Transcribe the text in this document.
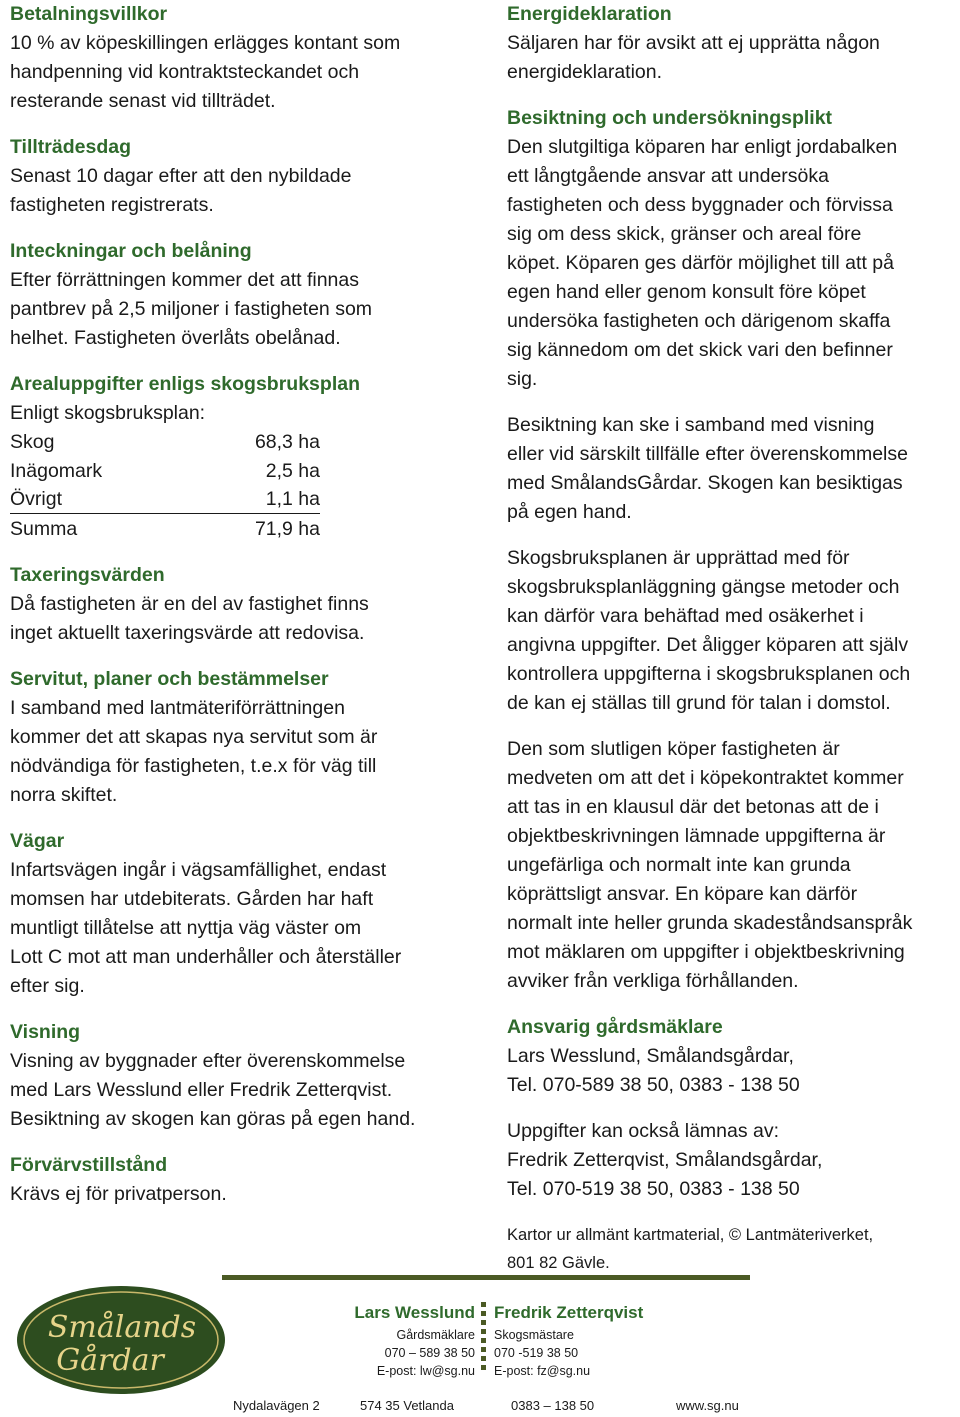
Betalningsvillkor
10 % av köpeskillingen erlägges kontant som
handpenning vid kontraktsteckandet och
resterande senast vid tillträdet.
Tillträdesdag
Senast 10 dagar efter att den nybildade
fastigheten registrerats.
Inteckningar och belåning
Efter förrättningen kommer det att finnas
pantbrev på 2,5 miljoner i fastigheten som
helhet. Fastigheten överlåts obelånad.
Arealuppgifter enligs skogsbruksplan
Enligt skogsbruksplan:
Skog	68,3 ha
Inägomark	2,5 ha
Övrigt	1,1 ha
Summa	71,9 ha
Taxeringsvärden
Då fastigheten är en del av fastighet finns
inget aktuellt taxeringsvärde att redovisa.
Servitut, planer och bestämmelser
I samband med lantmäteriförrättningen
kommer det att skapas nya servitut som är
nödvändiga för fastigheten, t.e.x för väg till
norra skiftet.
Vägar
Infartsvägen ingår i vägsamfällighet, endast
momsen har utdebiterats. Gården har haft
muntligt tillåtelse att nyttja väg väster om
Lott C mot att man underhåller och återställer
efter sig.
Visning
Visning av byggnader efter överenskommelse
med Lars Wesslund eller Fredrik Zetterqvist.
Besiktning av skogen kan göras på egen hand.
Förvärvstillstånd
Krävs ej för privatperson.
Energideklaration
Säljaren har för avsikt att ej upprätta någon
energideklaration.
Besiktning och undersökningsplikt
Den slutgiltiga köparen har enligt jordabalken
ett långtgående ansvar att undersöka
fastigheten och dess byggnader och förvissa
sig om dess skick, gränser och areal före
köpet. Köparen ges därför möjlighet till att på
egen hand eller genom konsult före köpet
undersöka fastigheten och därigenom skaffa
sig kännedom om det skick vari den befinner
sig.
Besiktning kan ske i samband med visning
eller vid särskilt tillfälle efter överenskommelse
med SmålandsGårdar. Skogen kan besiktigas
på egen hand.
Skogsbruksplanen är upprättad med för
skogsbruksplanläggning gängse metoder och
kan därför vara behäftad med osäkerhet i
angivna uppgifter. Det åligger köparen att själv
kontrollera uppgifterna i skogsbruksplanen och
de kan ej ställas till grund för talan i domstol.
Den som slutligen köper fastigheten är
medveten om att det i köpekontraktet kommer
att tas in en klausul där det betonas att de i
objektbeskrivningen lämnade uppgifterna är
ungefärliga och normalt inte kan grunda
köprättsligt ansvar. En köpare kan därför
normalt inte heller grunda skadeståndsanspråk
mot mäklaren om uppgifter i objektbeskrivning
avviker från verkliga förhållanden.
Ansvarig gårdsmäklare
Lars Wesslund, Smålandsgårdar,
Tel. 070-589 38 50, 0383 - 138 50
Uppgifter kan också lämnas av:
Fredrik Zetterqvist, Smålandsgårdar,
Tel. 070-519 38 50, 0383 - 138 50
Kartor ur allmänt kartmaterial, © Lantmäteriverket,
801 82 Gävle.
Smålands
Gårdar
Lars Wesslund
Gårdsmäklare
070 – 589 38 50
E-post: lw@sg.nu
Fredrik Zetterqvist
Skogsmästare
070 -519 38 50
E-post: fz@sg.nu
Nydalavägen 2	574 35 Vetlanda	0383 – 138 50	www.sg.nu
